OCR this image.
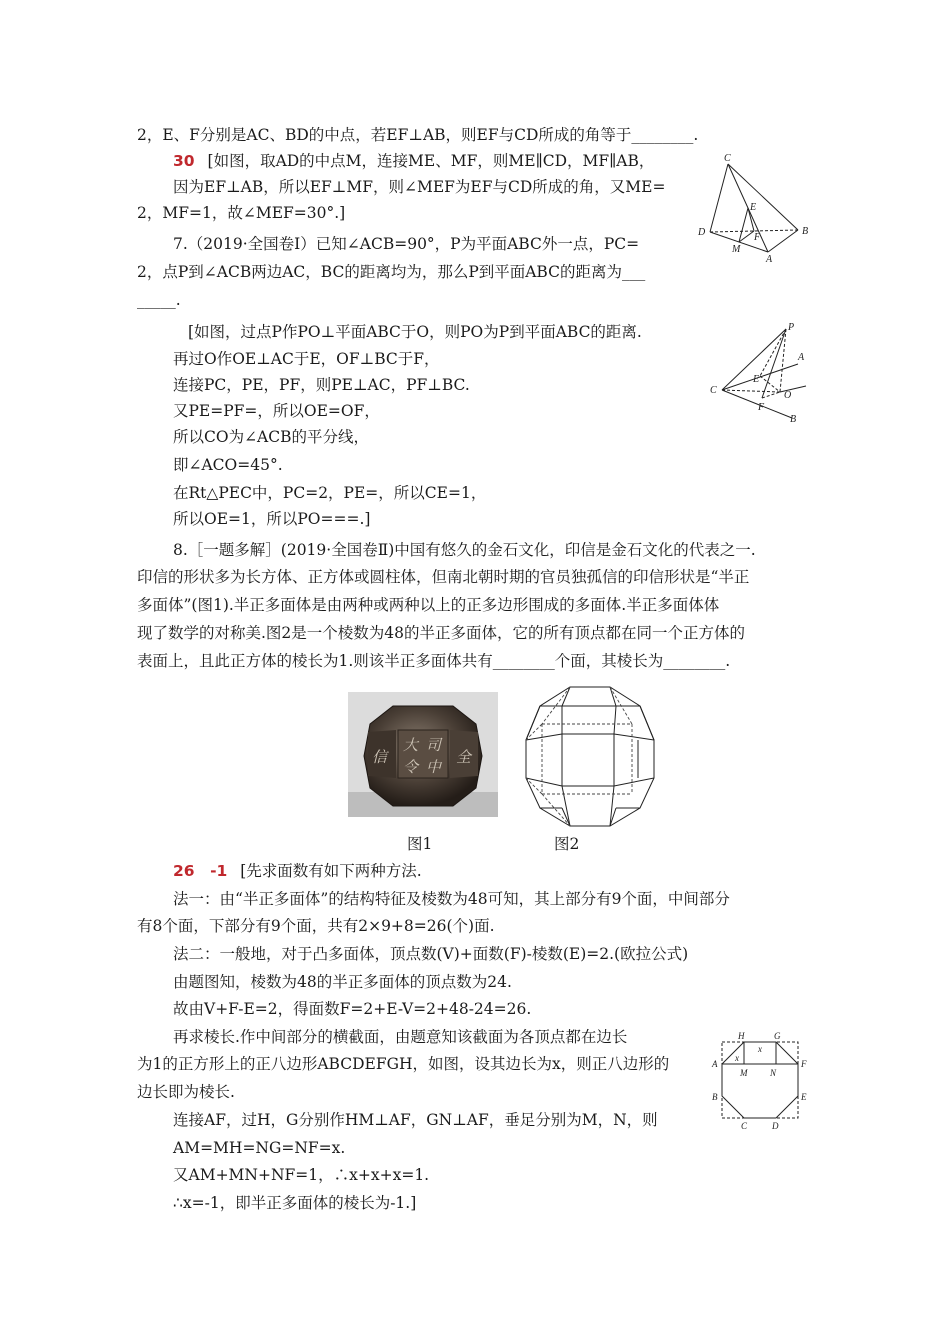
2，E、F分别是AC、BD的中点，若EF⊥AB，则EF与CD所成的角等于________.
30 [如图，取AD的中点M，连接ME、MF，则ME∥CD，MF∥AB，
因为EF⊥AB，所以EF⊥MF，则∠MEF为EF与CD所成的角，又ME=
2，MF=1，故∠MEF=30°.]
7.（2019·全国卷Ⅰ）已知∠ACB=90°，P为平面ABC外一点，PC=
2，点P到∠ACB两边AC，BC的距离均为，那么P到平面ABC的距离为___
_____.
[如图，过点P作PO⊥平面ABC于O，则PO为P到平面ABC的距离.
再过O作OE⊥AC于E，OF⊥BC于F，
连接PC，PE，PF，则PE⊥AC，PF⊥BC.
又PE=PF=，所以OE=OF，
所以CO为∠ACB的平分线，
即∠ACO=45°.
在Rt△PEC中，PC=2，PE=，所以CE=1，
所以OE=1，所以PO===.]
8.［一题多解］(2019·全国卷Ⅱ)中国有悠久的金石文化，印信是金石文化的代表之一.
印信的形状多为长方体、正方体或圆柱体，但南北朝时期的官员独孤信的印信形状是“半正
多面体”(图1).半正多面体是由两种或两种以上的正多边形围成的多面体.半正多面体体
现了数学的对称美.图2是一个棱数为48的半正多面体，它的所有顶点都在同一个正方体的
表面上，且此正方体的棱长为1.则该半正多面体共有________个面，其棱长为________.
C
E
F
D
M
B
A
P
A
E
C	O
F
B
大 司
令
信
中
全
图1	图2
26　-1 [先求面数有如下两种方法.
法一：由“半正多面体”的结构特征及棱数为48可知，其上部分有9个面，中间部分
有8个面，下部分有9个面，共有2×9+8=26(个)面.
法二：一般地，对于凸多面体，顶点数(V)+面数(F)-棱数(E)=2.(欧拉公式)
由题图知，棱数为48的半正多面体的顶点数为24.
故由V+F-E=2，得面数F=2+E-V=2+48-24=26.
再求棱长.作中间部分的横截面，由题意知该截面为各顶点都在边长
为1的正方形上的正八边形ABCDEFGH，如图，设其边长为x，则正八边形的
边长即为棱长.
连接AF，过H，G分别作HM⊥AF，GN⊥AF，垂足分别为M，N，则
AM=MH=NG=NF=x.
又AM+MN+NF=1，∴x+x+x=1.
∴x=-1，即半正多面体的棱长为-1.]
H	G
x
x
A
M	N
F
B	E
C	D
